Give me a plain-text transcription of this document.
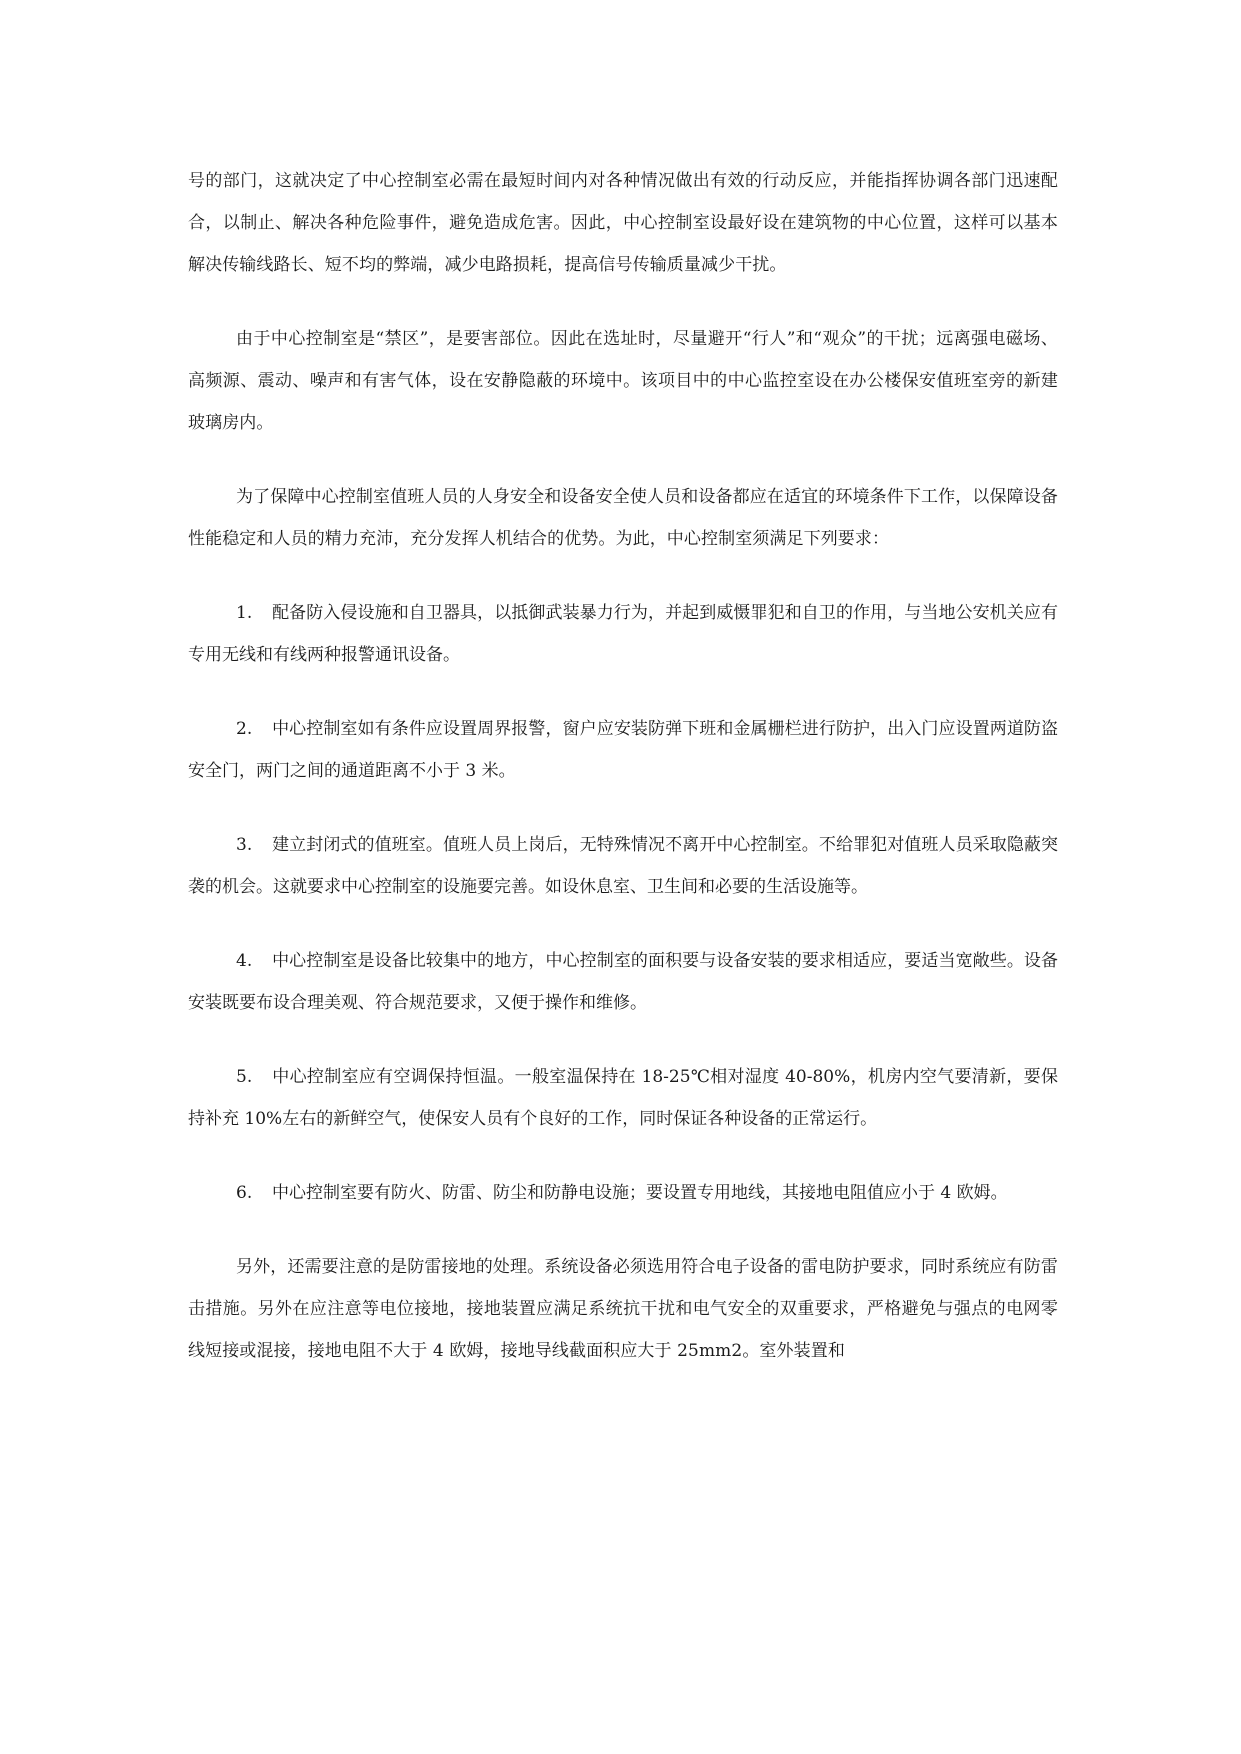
号的部门，这就决定了中心控制室必需在最短时间内对各种情况做出有效的行动反应，并能指挥协调各部门迅速配合，以制止、解决各种危险事件，避免造成危害。因此，中心控制室设最好设在建筑物的中心位置，这样可以基本解决传输线路长、短不均的弊端，减少电路损耗，提高信号传输质量减少干扰。

由于中心控制室是“禁区”，是要害部位。因此在选址时，尽量避开“行人”和“观众”的干扰；远离强电磁场、高频源、震动、噪声和有害气体，设在安静隐蔽的环境中。该项目中的中心监控室设在办公楼保安值班室旁的新建玻璃房内。

为了保障中心控制室值班人员的人身安全和设备安全使人员和设备都应在适宜的环境条件下工作，以保障设备性能稳定和人员的精力充沛，充分发挥人机结合的优势。为此，中心控制室须满足下列要求：

1. 配备防入侵设施和自卫器具，以抵御武装暴力行为，并起到威慑罪犯和自卫的作用，与当地公安机关应有专用无线和有线两种报警通讯设备。

2. 中心控制室如有条件应设置周界报警，窗户应安装防弹下班和金属栅栏进行防护，出入门应设置两道防盗安全门，两门之间的通道距离不小于 3 米。

3. 建立封闭式的值班室。值班人员上岗后，无特殊情况不离开中心控制室。不给罪犯对值班人员采取隐蔽突袭的机会。这就要求中心控制室的设施要完善。如设休息室、卫生间和必要的生活设施等。

4. 中心控制室是设备比较集中的地方，中心控制室的面积要与设备安装的要求相适应，要适当宽敞些。设备安装既要布设合理美观、符合规范要求，又便于操作和维修。

5. 中心控制室应有空调保持恒温。一般室温保持在 18-25℃相对湿度 40-80%，机房内空气要清新，要保持补充 10%左右的新鲜空气，使保安人员有个良好的工作，同时保证各种设备的正常运行。

6. 中心控制室要有防火、防雷、防尘和防静电设施；要设置专用地线，其接地电阻值应小于 4 欧姆。

另外，还需要注意的是防雷接地的处理。系统设备必须选用符合电子设备的雷电防护要求，同时系统应有防雷击措施。另外在应注意等电位接地，接地装置应满足系统抗干扰和电气安全的双重要求，严格避免与强点的电网零线短接或混接，接地电阻不大于 4 欧姆，接地导线截面积应大于 25mm2。室外装置和
